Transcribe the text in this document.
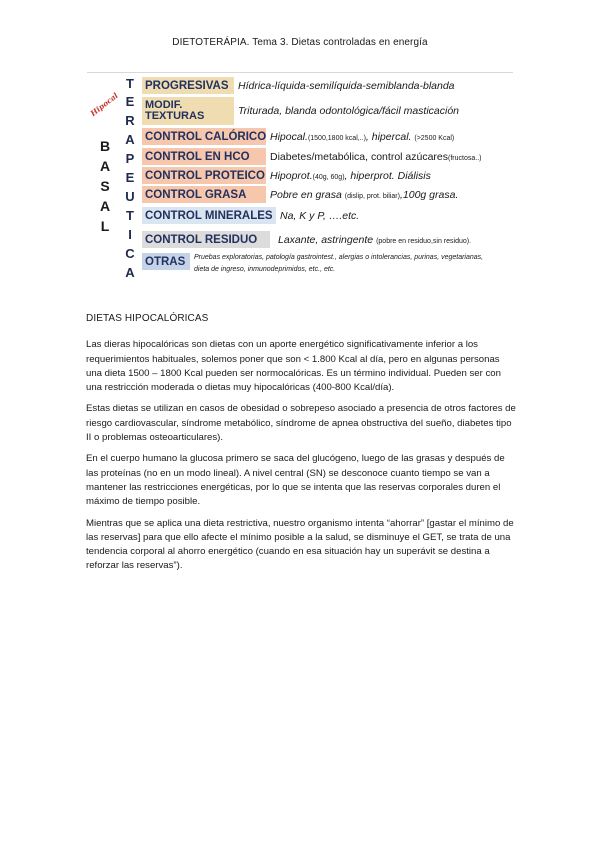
DIETOTERÁPIA. Tema 3. Dietas controladas en energía
Hipocal
B
A
S
A
L
T
E
R
A
P
E
U
T
I
C
A
PROGRESIVAS Hídrica-líquida-semilíquida-semiblanda-blanda
MODIF.
TEXTURAS	Triturada, blanda odontológica/fácil masticación
CONTROL CALÓRICO Hipocal.(1500,1800 kcal,..), hipercal. (>2500 Kcal)
CONTROL EN HCO	Diabetes/metabólica, control azúcares(fructosa..)
CONTROL PROTEICO Hipoprot.(40g, 60g), hiperprot. Diálisis
CONTROL GRASA	Pobre en grasa (dislip, prot. biliar),100g grasa.
CONTROL MINERALES Na, K y P, ….etc.
CONTROL RESIDUO	Laxante, astringente (pobre en residuo,sin residuo).
OTRAS	Pruebas exploratorias, patología gastrointest., alergias o intolerancias, purinas, vegetarianas, dieta de ingreso, inmunodeprimidos, etc., etc.
DIETAS HIPOCALÓRICAS

Las dieras hipocalóricas son dietas con un aporte energético significativamente inferior a los requerimientos habituales, solemos poner que son < 1.800 Kcal al día, pero en algunas personas una dieta 1500 – 1800 Kcal pueden ser normocalóricas. Es un término individual. Pueden ser con una restricción moderada o dietas muy hipocalóricas (400-800 Kcal/día).

Estas dietas se utilizan en casos de obesidad o sobrepeso asociado a presencia de otros factores de riesgo cardiovascular, síndrome metabólico, síndrome de apnea obstructiva del sueño, diabetes tipo II o problemas osteoarticulares).

En el cuerpo humano la glucosa primero se saca del glucógeno, luego de las grasas y después de las proteínas (no en un modo lineal). A nivel central (SN) se desconoce cuanto tiempo se van a mantener las restricciones energéticas, por lo que se intenta que las reservas corporales duren el máximo de tiempo posible.

Mientras que se aplica una dieta restrictiva, nuestro organismo intenta “ahorrar” [gastar el mínimo de las reservas] para que ello afecte el mínimo posible a la salud, se disminuye el GET, se trata de una tendencia corporal al ahorro energético (cuando en esa situación hay un superávit se destina a reforzar las reservas”).
